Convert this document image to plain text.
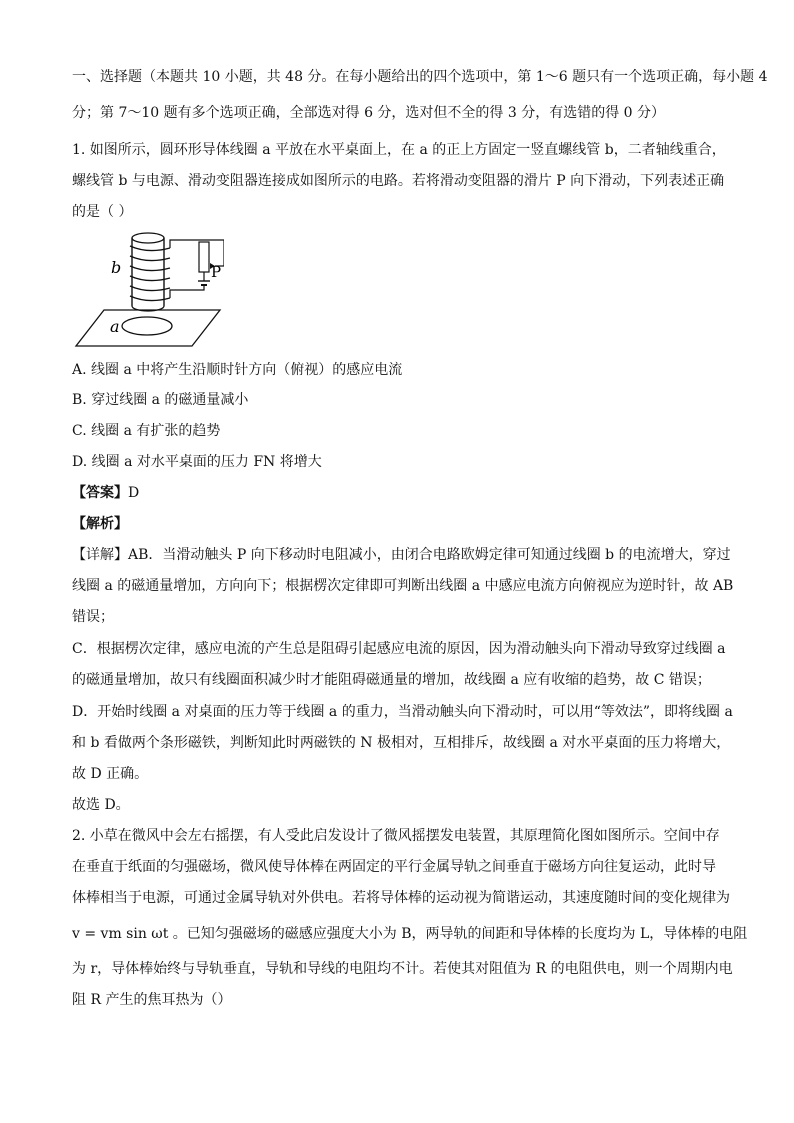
一、选择题（本题共 10 小题，共 48 分。在每小题给出的四个选项中，第 1～6 题只有一个选项正确，每小题 4
分；第 7～10 题有多个选项正确，全部选对得 6 分，选对但不全的得 3 分，有选错的得 0 分）
1. 如图所示，圆环形导体线圈 a 平放在水平桌面上，在 a 的正上方固定一竖直螺线管 b，二者轴线重合，
螺线管 b 与电源、滑动变阻器连接成如图所示的电路。若将滑动变阻器的滑片 P 向下滑动，下列表述正确
的是（ ）
b
a
P
A. 线圈 a 中将产生沿顺时针方向（俯视）的感应电流
B. 穿过线圈 a 的磁通量减小
C. 线圈 a 有扩张的趋势
D. 线圈 a 对水平桌面的压力 FN 将增大
【答案】D
【解析】
【详解】AB．当滑动触头 P 向下移动时电阻减小，由闭合电路欧姆定律可知通过线圈 b 的电流增大，穿过
线圈 a 的磁通量增加，方向向下；根据楞次定律即可判断出线圈 a 中感应电流方向俯视应为逆时针，故 AB
错误；
C．根据楞次定律，感应电流的产生总是阻碍引起感应电流的原因，因为滑动触头向下滑动导致穿过线圈 a
的磁通量增加，故只有线圈面积减少时才能阻碍磁通量的增加，故线圈 a 应有收缩的趋势，故 C 错误；
D．开始时线圈 a 对桌面的压力等于线圈 a 的重力，当滑动触头向下滑动时，可以用“等效法”，即将线圈 a
和 b 看做两个条形磁铁，判断知此时两磁铁的 N 极相对，互相排斥，故线圈 a 对水平桌面的压力将增大，
故 D 正确。
故选 D。
2. 小草在微风中会左右摇摆，有人受此启发设计了微风摇摆发电装置，其原理简化图如图所示。空间中存
在垂直于纸面的匀强磁场，微风使导体棒在两固定的平行金属导轨之间垂直于磁场方向往复运动，此时导
体棒相当于电源，可通过金属导轨对外供电。若将导体棒的运动视为简谐运动，其速度随时间的变化规律为
v = vm sin ωt 。已知匀强磁场的磁感应强度大小为 B，两导轨的间距和导体棒的长度均为 L，导体棒的电阻
为 r，导体棒始终与导轨垂直，导轨和导线的电阻均不计。若使其对阻值为 R 的电阻供电，则一个周期内电
阻 R 产生的焦耳热为（）
